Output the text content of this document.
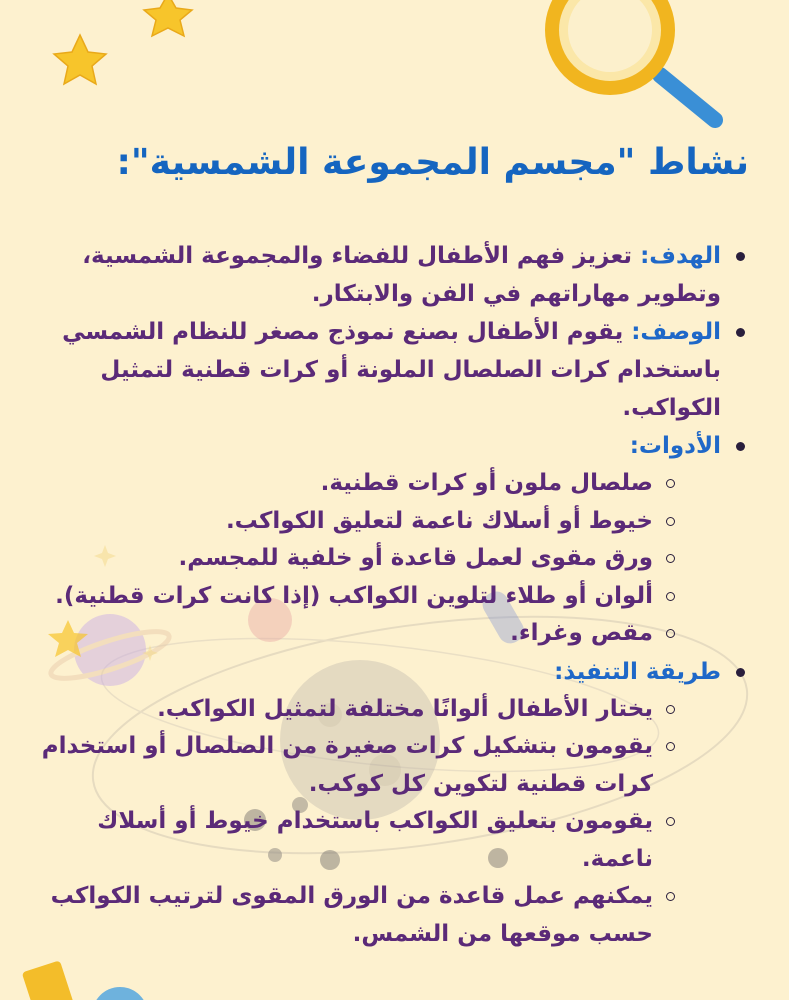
نشاط "مجسم المجموعة الشمسية":
الهدف: تعزيز فهم الأطفال للفضاء والمجموعة الشمسية، وتطوير مهاراتهم في الفن والابتكار.
الوصف: يقوم الأطفال بصنع نموذج مصغر للنظام الشمسي باستخدام كرات الصلصال الملونة أو كرات قطنية لتمثيل الكواكب.
الأدوات:
صلصال ملون أو كرات قطنية.
خيوط أو أسلاك ناعمة لتعليق الكواكب.
ورق مقوى لعمل قاعدة أو خلفية للمجسم.
ألوان أو طلاء لتلوين الكواكب (إذا كانت كرات قطنية).
مقص وغراء.
طريقة التنفيذ:
يختار الأطفال ألوانًا مختلفة لتمثيل الكواكب.
يقومون بتشكيل كرات صغيرة من الصلصال أو استخدام كرات قطنية لتكوين كل كوكب.
يقومون بتعليق الكواكب باستخدام خيوط أو أسلاك ناعمة.
يمكنهم عمل قاعدة من الورق المقوى لترتيب الكواكب حسب موقعها من الشمس.
